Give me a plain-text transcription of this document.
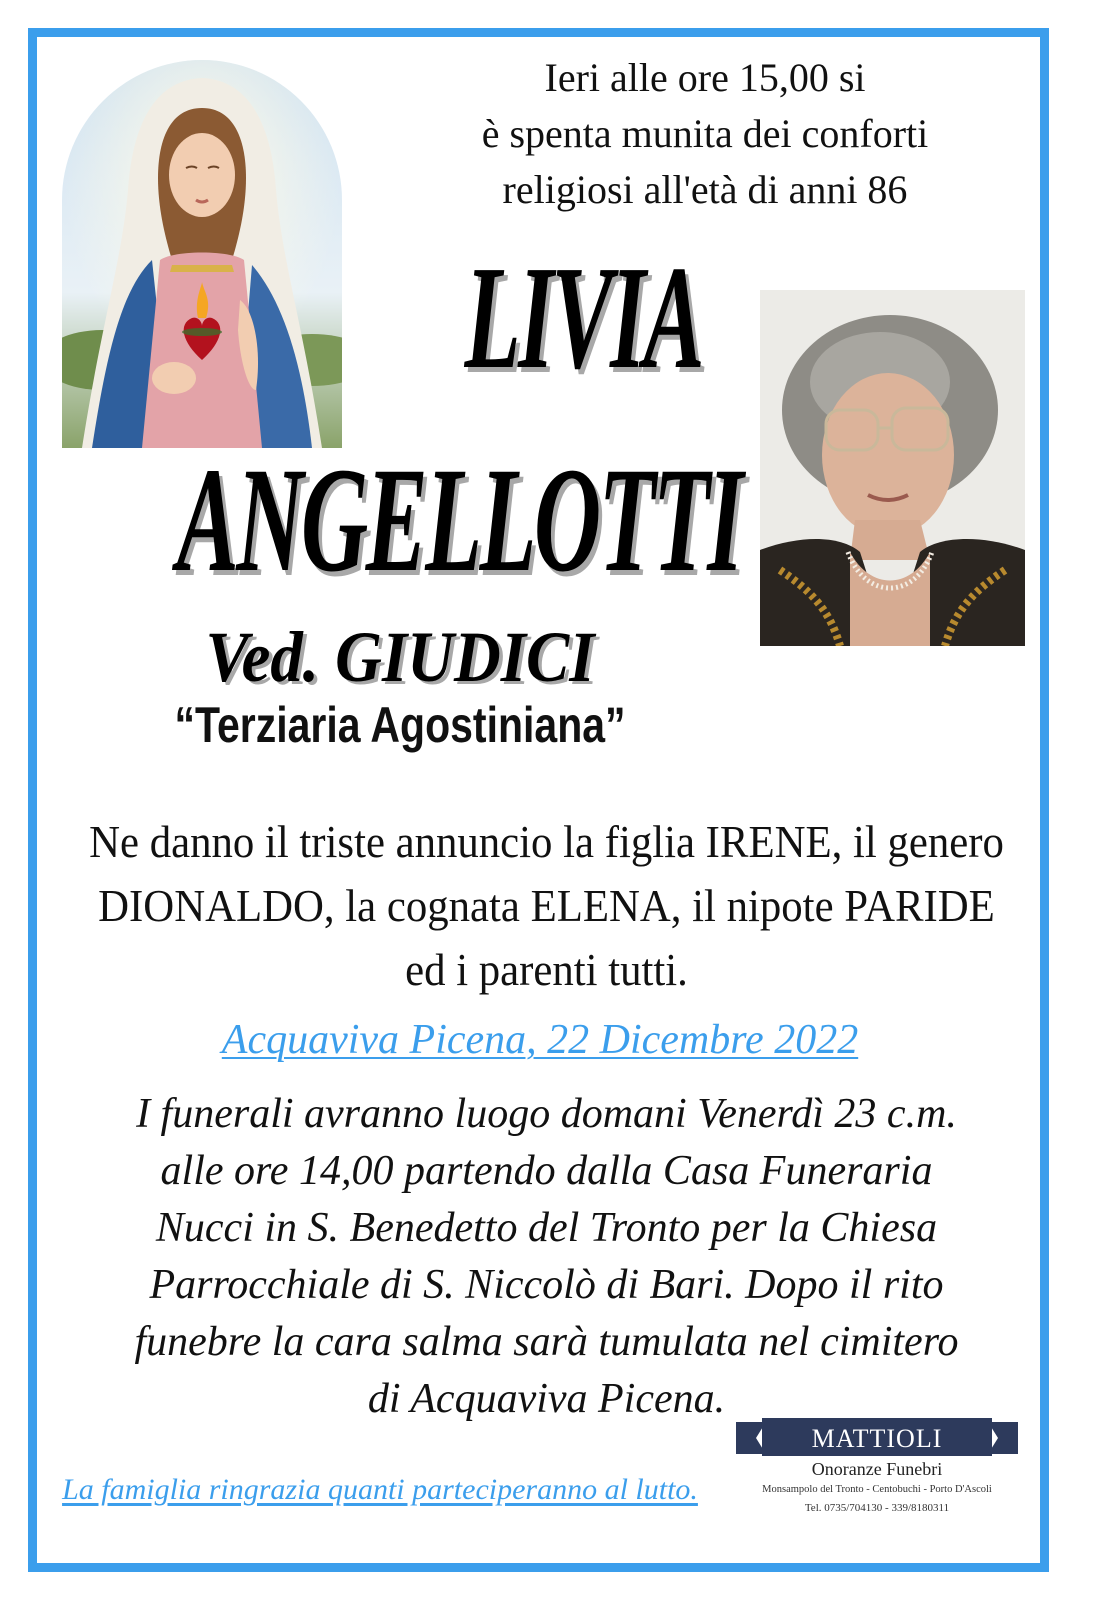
Ieri alle ore 15,00 si
è spenta munita dei conforti
religiosi all'età di anni 86
LIVIA
ANGELLOTTI
Ved. GIUDICI
“Terziaria Agostiniana”
Ne danno il triste annuncio la figlia IRENE, il genero
DIONALDO, la cognata ELENA, il nipote PARIDE
ed i parenti tutti.
Acquaviva Picena, 22 Dicembre 2022
I funerali avranno luogo domani Venerdì 23 c.m.
alle ore 14,00 partendo dalla Casa Funeraria
Nucci in S. Benedetto del Tronto per la Chiesa
Parrocchiale di S. Niccolò di Bari. Dopo il rito
funebre la cara salma sarà tumulata nel cimitero
di Acquaviva Picena.
La famiglia ringrazia quanti parteciperanno al lutto.
MATTIOLI
Onoranze Funebri
Monsampolo del Tronto - Centobuchi - Porto D'Ascoli
Tel. 0735/704130 - 339/8180311
